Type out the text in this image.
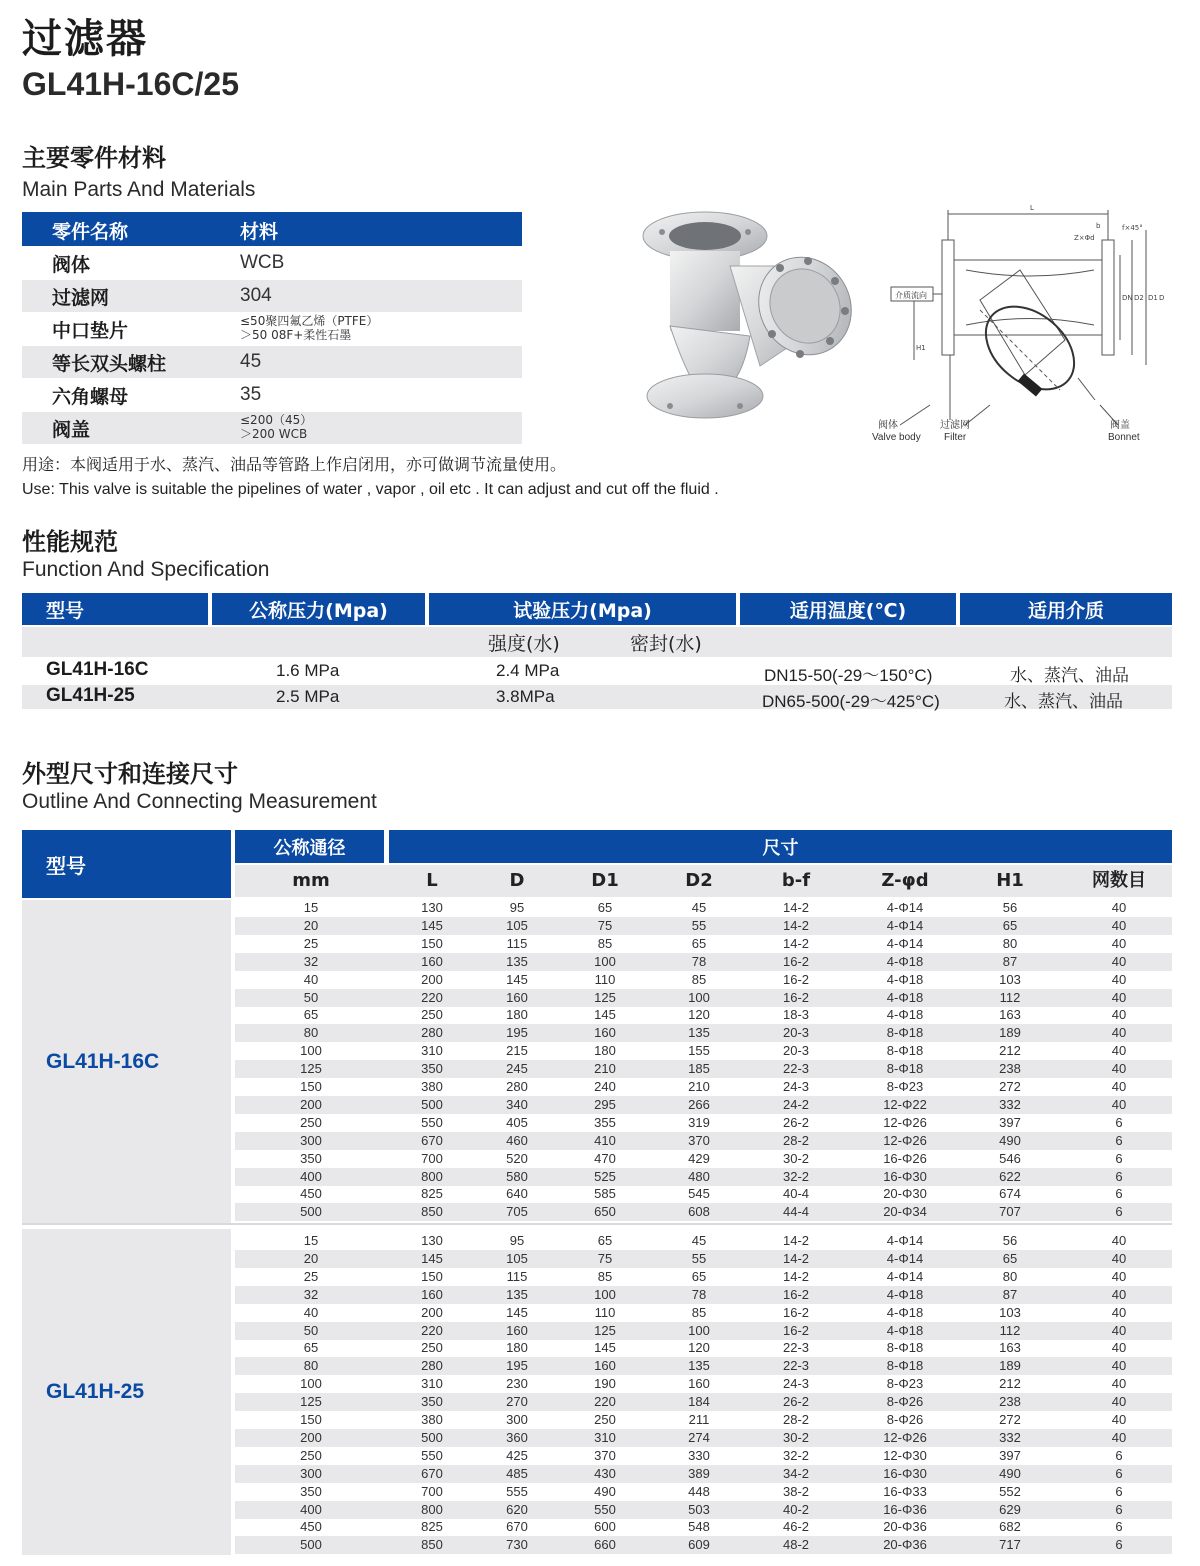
过滤器
GL41H-16C/25
主要零件材料
Main Parts And Materials
零件名称	材料
阀体	WCB
过滤网	304
中口垫片	≤50聚四氟乙烯（PTFE）
＞50 08F+柔性石墨
等长双头螺柱	45
六角螺母	35
阀盖	≤200（45）
＞200 WCB
L
Z×Φd
b	f×45°
DN D2 D1 D
H1
介质流向
阀体
Valve body
过滤网
Filter
阀盖
Bonnet
用途：本阀适用于水、蒸汽、油品等管路上作启闭用，亦可做调节流量使用。
Use: This valve is suitable the pipelines of water , vapor , oil etc . It can adjust and cut off the fluid .
性能规范
Function And Specification
型号	公称压力(Mpa)	试验压力(Mpa)	适用温度(℃)	适用介质
强度(水)	密封(水)
GL41H-16C	1.6 MPa	2.4 MPa	DN15-50(-29～150°C)	水、蒸汽、油品
GL41H-25	2.5 MPa	3.8MPa	DN65-500(-29～425°C)	水、蒸汽、油品
外型尺寸和连接尺寸
Outline And Connecting Measurement
型号
公称通径	尺寸
mm	L	D	D1	D2	b-f	Z-φd	H1	网数目
GL41H-16C
GL41H-25
15	130	95	65	45	14-2	4-Φ14	56	40
20	145	105	75	55	14-2	4-Φ14	65	40
25	150	115	85	65	14-2	4-Φ14	80	40
32	160	135	100	78	16-2	4-Φ18	87	40
40	200	145	110	85	16-2	4-Φ18	103	40
50	220	160	125	100	16-2	4-Φ18	112	40
65	250	180	145	120	18-3	4-Φ18	163	40
80	280	195	160	135	20-3	8-Φ18	189	40
100	310	215	180	155	20-3	8-Φ18	212	40
125	350	245	210	185	22-3	8-Φ18	238	40
150	380	280	240	210	24-3	8-Φ23	272	40
200	500	340	295	266	24-2	12-Φ22	332	40
250	550	405	355	319	26-2	12-Φ26	397	6
300	670	460	410	370	28-2	12-Φ26	490	6
350	700	520	470	429	30-2	16-Φ26	546	6
400	800	580	525	480	32-2	16-Φ30	622	6
450	825	640	585	545	40-4	20-Φ30	674	6
500	850	705	650	608	44-4	20-Φ34	707	6
15	130	95	65	45	14-2	4-Φ14	56	40
20	145	105	75	55	14-2	4-Φ14	65	40
25	150	115	85	65	14-2	4-Φ14	80	40
32	160	135	100	78	16-2	4-Φ18	87	40
40	200	145	110	85	16-2	4-Φ18	103	40
50	220	160	125	100	16-2	4-Φ18	112	40
65	250	180	145	120	22-3	8-Φ18	163	40
80	280	195	160	135	22-3	8-Φ18	189	40
100	310	230	190	160	24-3	8-Φ23	212	40
125	350	270	220	184	26-2	8-Φ26	238	40
150	380	300	250	211	28-2	8-Φ26	272	40
200	500	360	310	274	30-2	12-Φ26	332	40
250	550	425	370	330	32-2	12-Φ30	397	6
300	670	485	430	389	34-2	16-Φ30	490	6
350	700	555	490	448	38-2	16-Φ33	552	6
400	800	620	550	503	40-2	16-Φ36	629	6
450	825	670	600	548	46-2	20-Φ36	682	6
500	850	730	660	609	48-2	20-Φ36	717	6
